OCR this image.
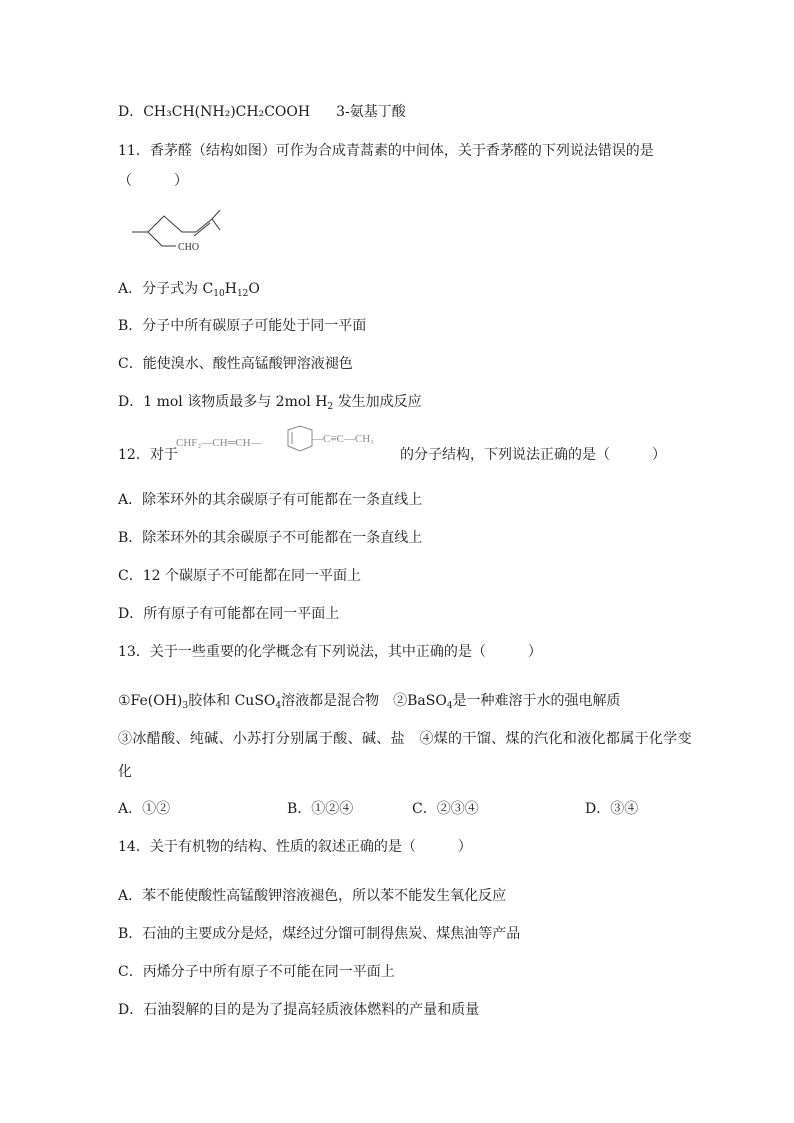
D．CH₃CH(NH₂)CH₂COOH 3-氨基丁酸
11．香茅醛（结构如图）可作为合成青蒿素的中间体，关于香茅醛的下列说法错误的是
（　　　）
CHO
A．分子式为 $C_{10}H_{12}O$
B．分子中所有碳原子可能处于同一平面
C．能使溴水、酸性高锰酸钾溶液褪色
D．1 mol 该物质最多与 2mol $H_2$ 发生加成反应
12．对于
CHF₂—CH═CH—	—C≡C—CH₃
的分子结构，下列说法正确的是（　　　）
A．除苯环外的其余碳原子有可能都在一条直线上
B．除苯环外的其余碳原子不可能都在一条直线上
C．12 个碳原子不可能都在同一平面上
D．所有原子有可能都在同一平面上
13．关于一些重要的化学概念有下列说法，其中正确的是（　　　）
$①Fe(OH)_3$胶体和 CuSO$_4$溶液都是混合物　②BaSO$_4$是一种难溶于水的强电解质
③冰醋酸、纯碱、小苏打分别属于酸、碱、盐　④煤的干馏、煤的汽化和液化都属于化学变
化
A．①②	B．①②④	C．②③④	D．③④
14．关于有机物的结构、性质的叙述正确的是（　　　）
A．苯不能使酸性高锰酸钾溶液褪色，所以苯不能发生氧化反应
B．石油的主要成分是烃，煤经过分馏可制得焦炭、煤焦油等产品
C．丙烯分子中所有原子不可能在同一平面上
D．石油裂解的目的是为了提高轻质液体燃料的产量和质量
